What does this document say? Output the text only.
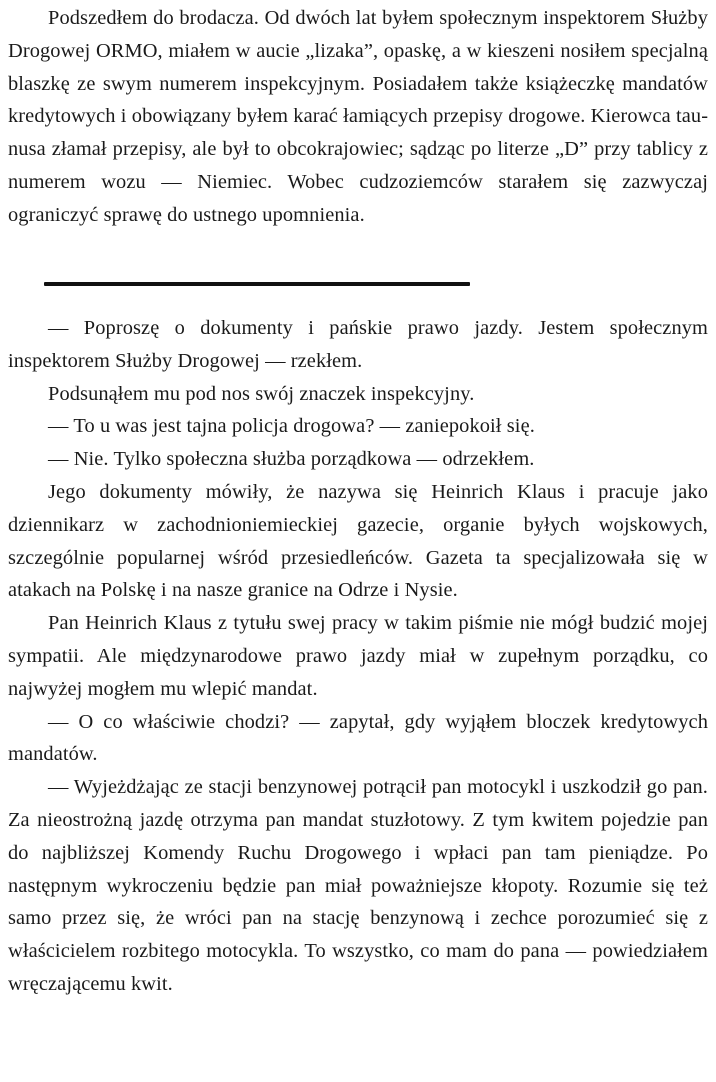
Podszedłem do brodacza. Od dwóch lat byłem społecznym inspektorem Służby Drogowej ORMO, miałem w aucie „lizaka”, opaskę, a w kieszeni nosiłem specjalną blaszkę ze swym numerem inspekcyjnym. Posiadałem także książeczkę mandatów kredytowych i obowiązany byłem karać łamiących przepisy drogowe. Kierowca taunusa złamał przepisy, ale był to obcokrajowiec; sądząc po literze „D” przy tablicy z numerem wozu — Niemiec. Wobec cudzoziemców starałem się zazwyczaj ograniczyć sprawę do ustnego upomnienia.

— Poproszę o dokumenty i pańskie prawo jazdy. Jestem społecznym inspektorem Służby Drogowej — rzekłem.

Podsunąłem mu pod nos swój znaczek inspekcyjny.

— To u was jest tajna policja drogowa? — zaniepokoił się.

— Nie. Tylko społeczna służba porządkowa — odrzekłem.

Jego dokumenty mówiły, że nazywa się Heinrich Klaus i pracuje jako dziennikarz w zachodnioniemieckiej gazecie, organie byłych wojskowych, szczególnie popularnej wśród przesiedleńców. Gazeta ta specjalizowała się w atakach na Polskę i na nasze granice na Odrze i Nysie.

Pan Heinrich Klaus z tytułu swej pracy w takim piśmie nie mógł budzić mojej sympatii. Ale międzynarodowe prawo jazdy miał w zupełnym porządku, co najwyżej mogłem mu wlepić mandat.

— O co właściwie chodzi? — zapytał, gdy wyjąłem bloczek kredytowych mandatów.

— Wyjeżdżając ze stacji benzynowej potrącił pan motocykl i uszkodził go pan. Za nieostrożną jazdę otrzyma pan mandat stuzłotowy. Z tym kwitem pojedzie pan do najbliższej Komendy Ruchu Drogowego i wpłaci pan tam pieniądze. Po następnym wykroczeniu będzie pan miał poważniejsze kłopoty. Rozumie się też samo przez się, że wróci pan na stację benzynową i zechce porozumieć się z właścicielem rozbitego motocykla. To wszystko, co mam do pana — powiedziałem wręczającemu kwit.
